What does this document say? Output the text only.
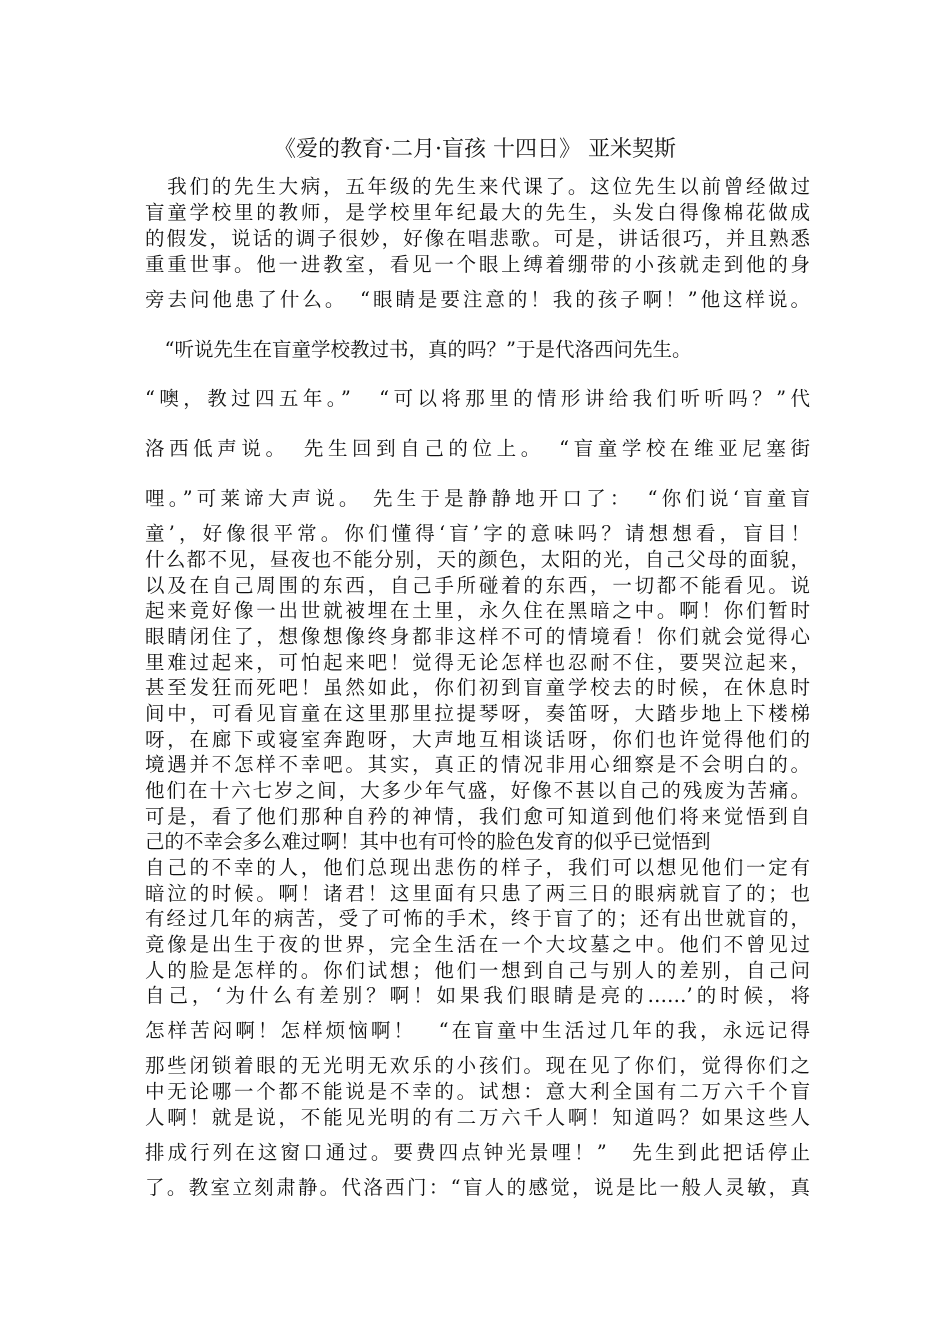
《爱的教育·二月·盲孩 十四日》 亚米契斯
　我们的先生大病，五年级的先生来代课了。这位先生以前曾经做过
盲童学校里的教师，是学校里年纪最大的先生，头发白得像棉花做成
的假发，说话的调子很妙，好像在唱悲歌。可是，讲话很巧，并且熟悉
重重世事。他一进教室，看见一个眼上缚着绷带的小孩就走到他的身
旁去问他患了什么。　“眼睛是要注意的！我的孩子啊！”他这样说。
　“听说先生在盲童学校教过书，真的吗？”于是代洛西问先生。
“噢，教过四五年。”　“可以将那里的情形讲给我们听听吗？”代
洛西低声说。　先生回到自己的位上。　“盲童学校在维亚尼塞街
哩。”可莱谛大声说。 先生于是静静地开口了：　“你们说‘盲童盲
童’，好像很平常。你们懂得‘盲’字的意味吗？请想想看，盲目！
什么都不见，昼夜也不能分别，天的颜色，太阳的光，自己父母的面貌，
以及在自己周围的东西，自己手所碰着的东西，一切都不能看见。说
起来竟好像一出世就被埋在土里，永久住在黑暗之中。啊！你们暂时
眼睛闭住了，想像想像终身都非这样不可的情境看！你们就会觉得心
里难过起来，可怕起来吧！觉得无论怎样也忍耐不住，要哭泣起来，
甚至发狂而死吧！虽然如此，你们初到盲童学校去的时候，在休息时
间中，可看见盲童在这里那里拉提琴呀，奏笛呀，大踏步地上下楼梯
呀，在廊下或寝室奔跑呀，大声地互相谈话呀，你们也许觉得他们的
境遇并不怎样不幸吧。其实，真正的情况非用心细察是不会明白的。
他们在十六七岁之间，大多少年气盛，好像不甚以自己的残废为苦痛。
可是，看了他们那种自矜的神情，我们愈可知道到他们将来觉悟到自
己的不幸会多么难过啊！其中也有可怜的脸色发育的似乎已觉悟到
自己的不幸的人，他们总现出悲伤的样子，我们可以想见他们一定有
暗泣的时候。啊！诸君！这里面有只患了两三日的眼病就盲了的；也
有经过几年的病苦，受了可怖的手术，终于盲了的；还有出世就盲的，
竟像是出生于夜的世界，完全生活在一个大坟墓之中。他们不曾见过
人的脸是怎样的。你们试想；他们一想到自己与别人的差别，自己问
自己，‘为什么有差别？啊！如果我们眼睛是亮的……’的时候，将
怎样苦闷啊！怎样烦恼啊！　“在盲童中生活过几年的我，永远记得
那些闭锁着眼的无光明无欢乐的小孩们。现在见了你们，觉得你们之
中无论哪一个都不能说是不幸的。试想：意大利全国有二万六千个盲
人啊！就是说，不能见光明的有二万六千人啊！知道吗？如果这些人
排成行列在这窗口通过。要费四点钟光景哩！”　先生到此把话停止
了。教室立刻肃静。代洛西门：“盲人的感觉，说是比一般人灵敏，真
